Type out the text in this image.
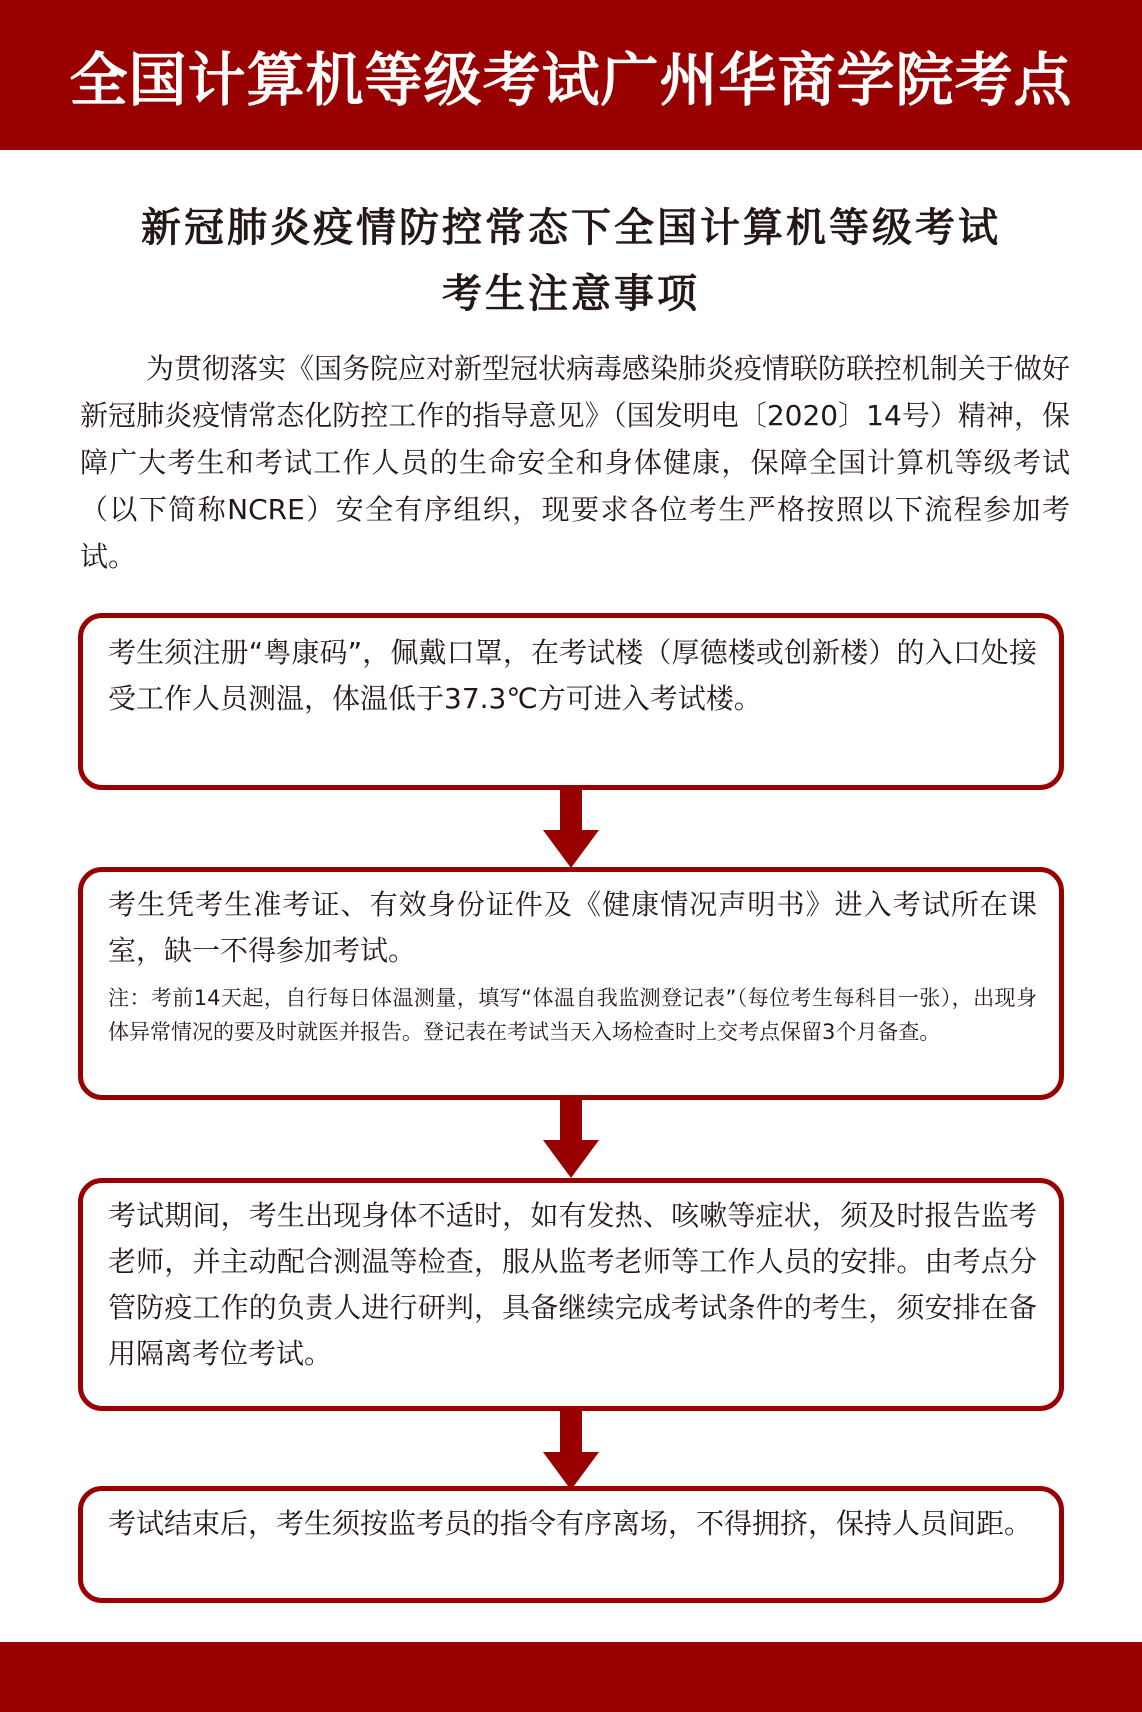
全国计算机等级考试广州华商学院考点
新冠肺炎疫情防控常态下全国计算机等级考试
考生注意事项

为贯彻落实《国务院应对新型冠状病毒感染肺炎疫情联防联控机制关于做好新冠肺炎疫情常态化防控工作的指导意见》（国发明电〔2020〕14号）精神，保障广大考生和考试工作人员的生命安全和身体健康，保障全国计算机等级考试（以下简称NCRE）安全有序组织，现要求各位考生严格按照以下流程参加考试。

考生须注册“粤康码”，佩戴口罩，在考试楼（厚德楼或创新楼）的入口处接受工作人员测温，体温低于37.3℃方可进入考试楼。

考生凭考生准考证、有效身份证件及《健康情况声明书》进入考试所在课室，缺一不得参加考试。

注：考前14天起，自行每日体温测量，填写“体温自我监测登记表”（每位考生每科目一张），出现身体异常情况的要及时就医并报告。登记表在考试当天入场检查时上交考点保留3个月备查。

考试期间，考生出现身体不适时，如有发热、咳嗽等症状，须及时报告监考老师，并主动配合测温等检查，服从监考老师等工作人员的安排。由考点分管防疫工作的负责人进行研判，具备继续完成考试条件的考生，须安排在备用隔离考位考试。

考试结束后，考生须按监考员的指令有序离场，不得拥挤，保持人员间距。
